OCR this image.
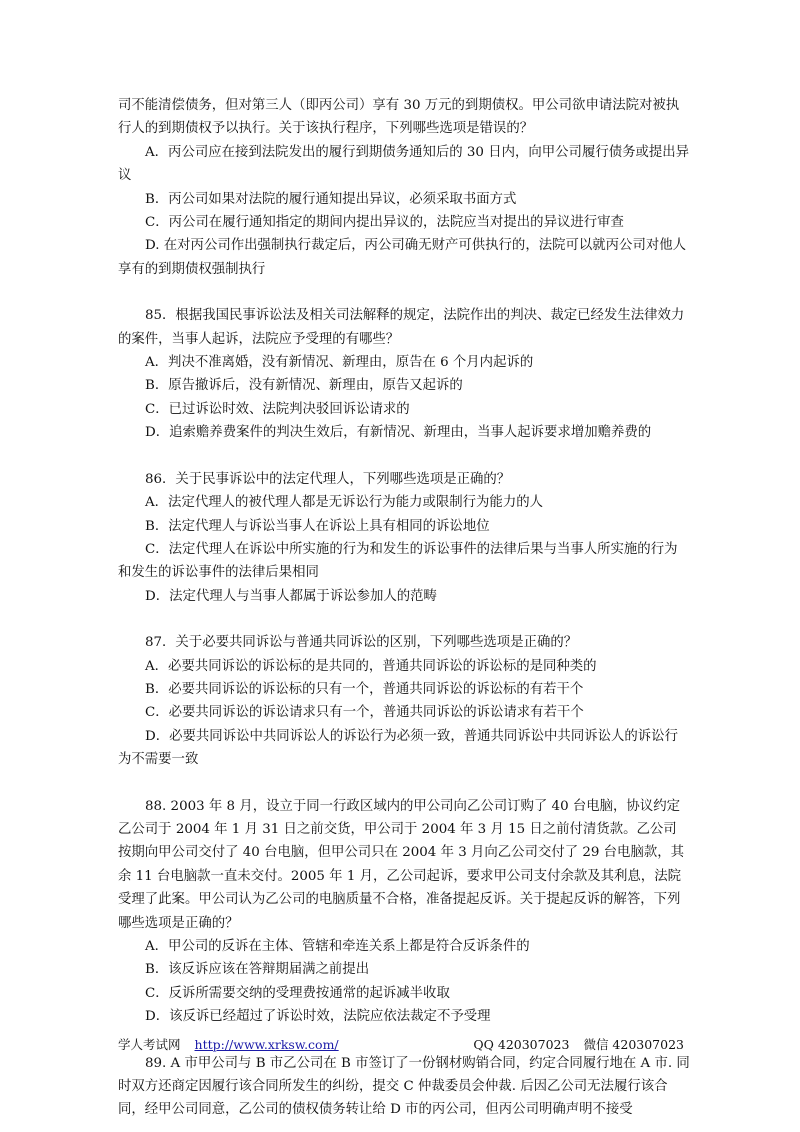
司不能清偿债务，但对第三人（即丙公司）享有 30 万元的到期债权。甲公司欲申请法院对被执行人的到期债权予以执行。关于该执行程序，下列哪些选项是错误的？

A．丙公司应在接到法院发出的履行到期债务通知后的 30 日内，向甲公司履行债务或提出异议

B．丙公司如果对法院的履行通知提出异议，必须采取书面方式

C．丙公司在履行通知指定的期间内提出异议的，法院应当对提出的异议进行审查

D. 在对丙公司作出强制执行裁定后，丙公司确无财产可供执行的，法院可以就丙公司对他人享有的到期债权强制执行

85．根据我国民事诉讼法及相关司法解释的规定，法院作出的判决、裁定已经发生法律效力的案件，当事人起诉，法院应予受理的有哪些？

A．判决不准离婚，没有新情况、新理由，原告在 6 个月内起诉的

B．原告撤诉后，没有新情况、新理由，原告又起诉的

C．已过诉讼时效、法院判决驳回诉讼请求的

D．追索赡养费案件的判决生效后，有新情况、新理由，当事人起诉要求增加赡养费的

86．关于民事诉讼中的法定代理人，下列哪些选项是正确的？

A．法定代理人的被代理人都是无诉讼行为能力或限制行为能力的人

B．法定代理人与诉讼当事人在诉讼上具有相同的诉讼地位

C．法定代理人在诉讼中所实施的行为和发生的诉讼事件的法律后果与当事人所实施的行为和发生的诉讼事件的法律后果相同

D．法定代理人与当事人都属于诉讼参加人的范畴

87．关于必要共同诉讼与普通共同诉讼的区别，下列哪些选项是正确的？

A．必要共同诉讼的诉讼标的是共同的，普通共同诉讼的诉讼标的是同种类的

B．必要共同诉讼的诉讼标的只有一个，普通共同诉讼的诉讼标的有若干个

C．必要共同诉讼的诉讼请求只有一个，普通共同诉讼的诉讼请求有若干个

D．必要共同诉讼中共同诉讼人的诉讼行为必须一致，普通共同诉讼中共同诉讼人的诉讼行为不需要一致

88. 2003 年 8 月，设立于同一行政区域内的甲公司向乙公司订购了 40 台电脑，协议约定乙公司于 2004 年 1 月 31 日之前交货，甲公司于 2004 年 3 月 15 日之前付清货款。乙公司按期向甲公司交付了 40 台电脑，但甲公司只在 2004 年 3 月向乙公司交付了 29 台电脑款，其余 11 台电脑款一直未交付。2005 年 1 月，乙公司起诉，要求甲公司支付余款及其利息，法院受理了此案。甲公司认为乙公司的电脑质量不合格，准备提起反诉。关于提起反诉的解答，下列哪些选项是正确的？

A．甲公司的反诉在主体、管辖和牵连关系上都是符合反诉条件的

B．该反诉应该在答辩期届满之前提出

C．反诉所需要交纳的受理费按通常的起诉减半收取

D．该反诉已经超过了诉讼时效，法院应依法裁定不予受理

89. A 市甲公司与 B 市乙公司在 B 市签订了一份钢材购销合同，约定合同履行地在 A 市. 同时双方还商定因履行该合同所发生的纠纷，提交 C 仲裁委员会仲裁. 后因乙公司无法履行该合同，经甲公司同意，乙公司的债权债务转让给 D 市的丙公司，但丙公司明确声明不接受

学人考试网 http://www.xrksw.com/	QQ 420307023 微信 420307023
